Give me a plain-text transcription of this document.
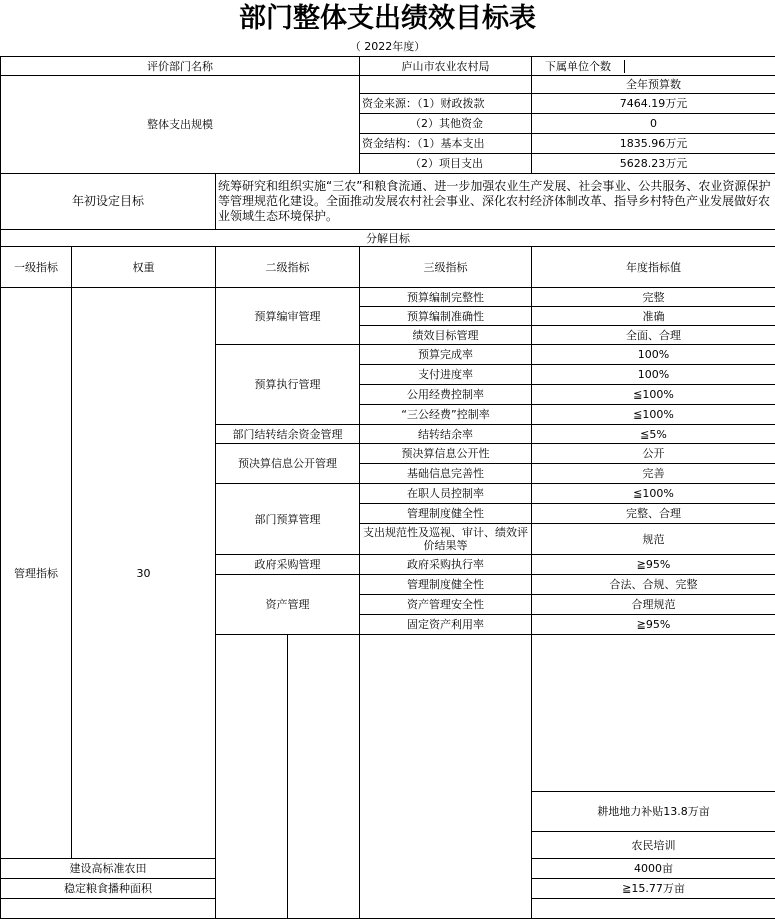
部门整体支出绩效目标表
（ 2022年度）
评价部门名称				庐山市农业农村局	下属单位个数	
整体支出规模					全年预算数	
				资金来源：（1）财政拨款	7464.19万元	
				（2）其他资金	0	
				资金结构：（1）基本支出	1835.96万元	
				（2）项目支出	5628.23万元	
年初设定目标		统筹研究和组织实施“三农”和粮食流通、进一步加强农业生产发展、社会事业、公共服务、农业资源保护等管理规范化建设。全面推动发展农村社会事业、深化农村经济体制改革、指导乡村特色产业发展做好农业领域生态环境保护。				
分解目标						
一级指标	权重	二级指标		三级指标	年度指标值	
管理指标	30	预算编审管理		预算编制完整性	完整	
				预算编制准确性	准确	
				绩效目标管理	全面、合理	
		预算执行管理		预算完成率	100%	
				支付进度率	100%	
				公用经费控制率	≦100%	
				“三公经费”控制率	≦100%	
		部门结转结余资金管理		结转结余率	≦5%	
		预决算信息公开管理		预决算信息公开性	公开	
				基础信息完善性	完善	
		部门预算管理		在职人员控制率	≦100%	
				管理制度健全性	完整、合理	
				支出规范性及巡视、审计、绩效评价结果等	规范	
		政府采购管理		政府采购执行率	≧95%	
		资产管理		管理制度健全性	合法、合规、完整	
				资产管理安全性	合理规范	
				固定资产利用率	≧95%	

					耕地地力补贴13.8万亩	
					农民培训	
建设高标准农田					4000亩	
稳定粮食播种面积					≧15.77万亩	
